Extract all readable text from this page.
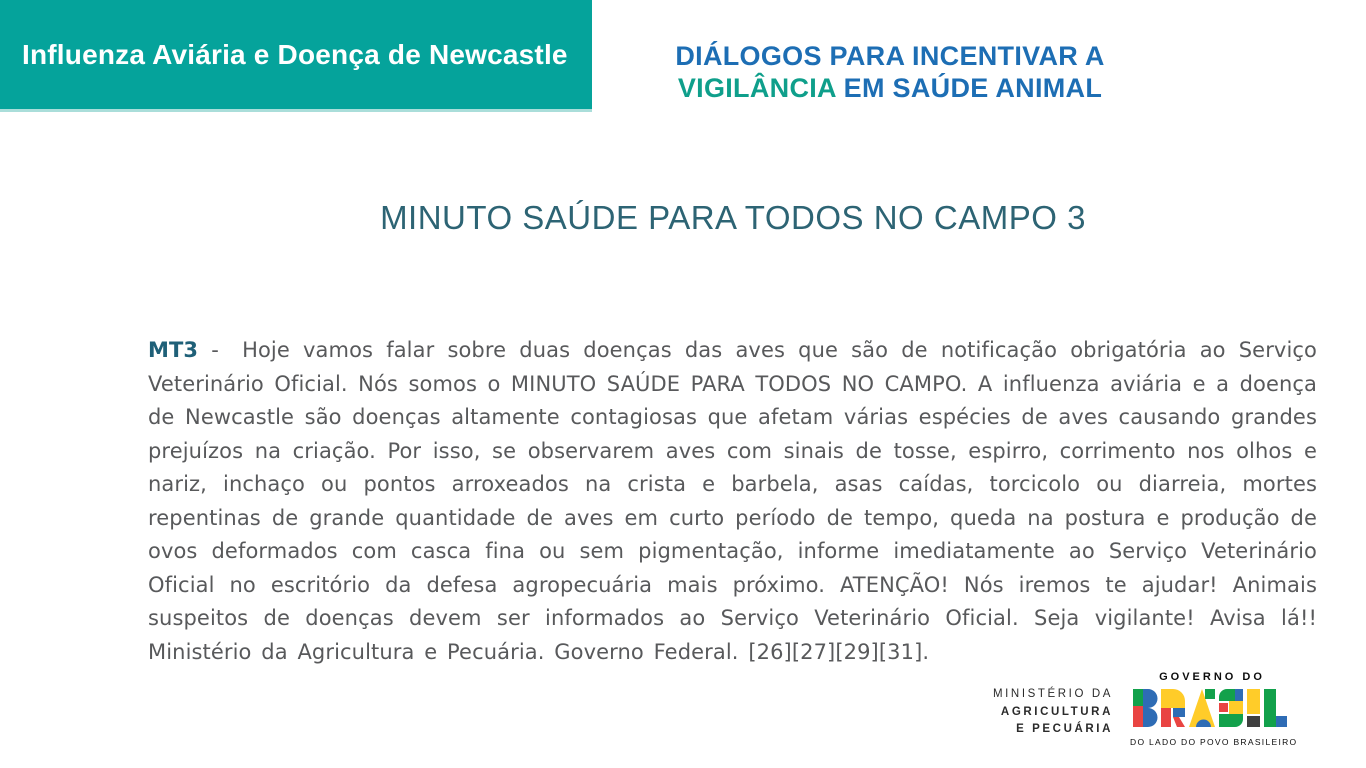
Influenza Aviária e Doença de Newcastle	DIÁLOGOS PARA INCENTIVAR A
VIGILÂNCIA EM SAÚDE ANIMAL
MINUTO SAÚDE PARA TODOS NO CAMPO 3

MT3 - Hoje vamos falar sobre duas doenças das aves que são de notificação obrigatória ao Serviço Veterinário Oficial. Nós somos o MINUTO SAÚDE PARA TODOS NO CAMPO. A influenza aviária e a doença de Newcastle são doenças altamente contagiosas que afetam várias espécies de aves causando grandes prejuízos na criação. Por isso, se observarem aves com sinais de tosse, espirro, corrimento nos olhos e nariz, inchaço ou pontos arroxeados na crista e barbela, asas caídas, torcicolo ou diarreia, mortes repentinas de grande quantidade de aves em curto período de tempo, queda na postura e produção de ovos deformados com casca fina ou sem pigmentação, informe imediatamente ao Serviço Veterinário Oficial no escritório da defesa agropecuária mais próximo. ATENÇÃO! Nós iremos te ajudar! Animais suspeitos de doenças devem ser informados ao Serviço Veterinário Oficial. Seja vigilante! Avisa lá!! Ministério da Agricultura e Pecuária. Governo Federal. [26][27][29][31].

MINISTÉRIO DA
AGRICULTURA
E PECUÁRIA
GOVERNO DO
DO LADO DO POVO BRASILEIRO
